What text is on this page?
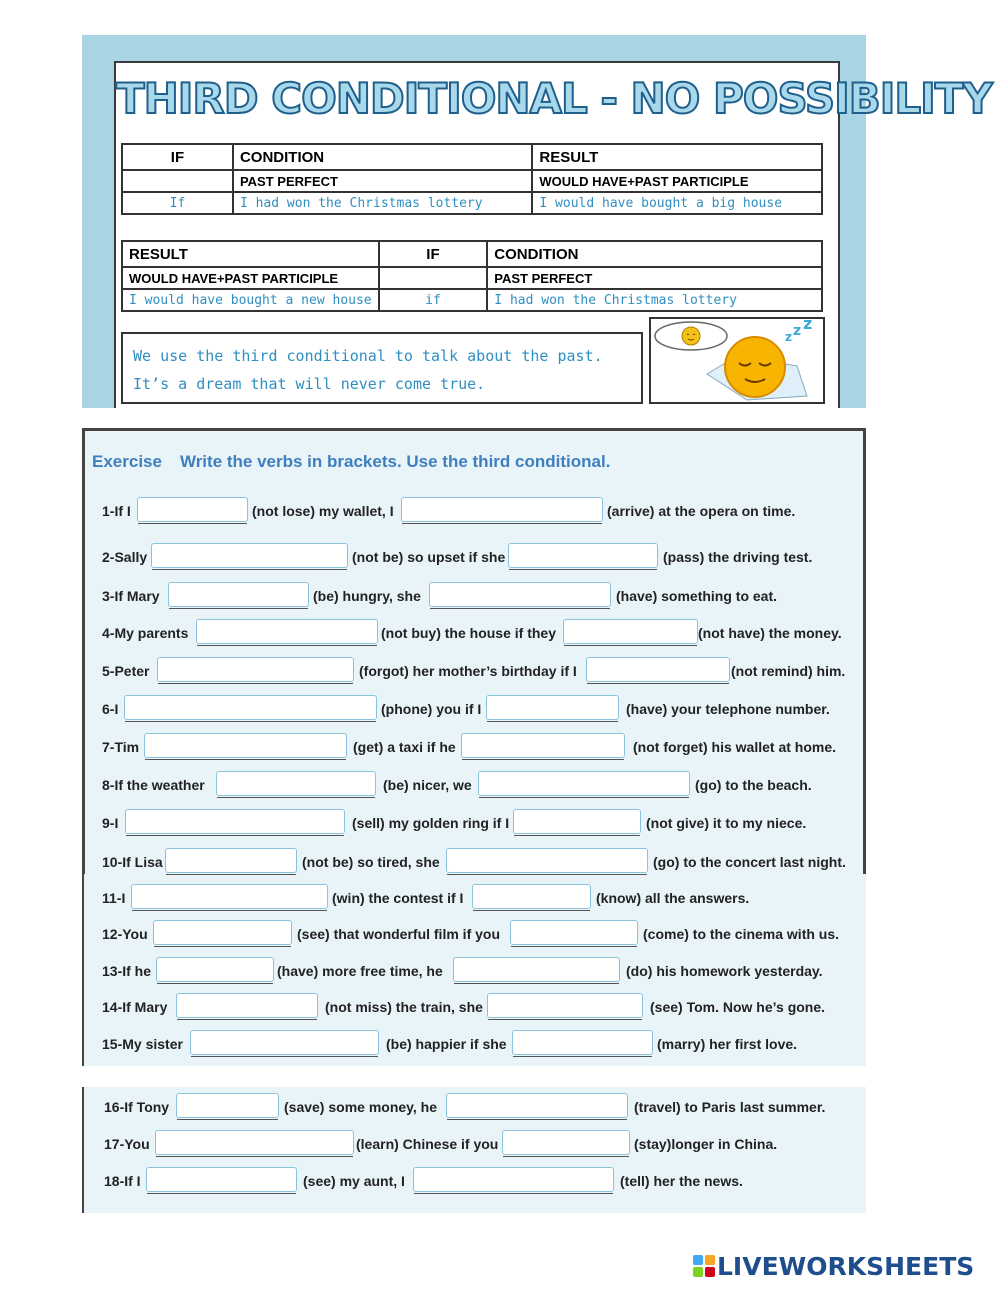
THIRD CONDITIONAL - NO POSSIBILITY
IF	CONDITION	RESULT
	PAST PERFECT	WOULD HAVE+PAST PARTICIPLE
If	I had won the Christmas lottery	I would have bought a big house
RESULT	IF	CONDITION
WOULD HAVE+PAST PARTICIPLE		PAST PERFECT
I would have bought a new house	if	I had won the Christmas lottery
We use the third conditional to talk about the past.
It’s a dream that will never come true.
z z z
Exercise Write the verbs in brackets. Use the third conditional.
1-If I	(not lose) my wallet, I	(arrive) at the opera on time.
2-Sally	(not be) so upset if she	(pass) the driving test.
3-If Mary	(be) hungry, she	(have) something to eat.
4-My parents	(not buy) the house if they	(not have) the money.
5-Peter	(forgot) her mother’s birthday if I	(not remind) him.
6-I	(phone) you if I	(have) your telephone number.
7-Tim	(get) a taxi if he	(not forget) his wallet at home.
8-If the weather	(be) nicer, we	(go) to the beach.
9-I	(sell) my golden ring if I	(not give) it to my niece.
10-If Lisa	(not be) so tired, she	(go) to the concert last night.
11-I	(win) the contest if I	(know) all the answers.
12-You	(see) that wonderful film if you	(come) to the cinema with us.
13-If he	(have) more free time, he	(do) his homework yesterday.
14-If Mary	(not miss) the train, she	(see) Tom. Now he’s gone.
15-My sister	(be) happier if she	(marry) her first love.
16-If Tony	(save) some money, he	(travel) to Paris last summer.
17-You	(learn) Chinese if you	(stay)longer in China.
18-If I	(see) my aunt, I	(tell) her the news.
LIVEWORKSHEETS
